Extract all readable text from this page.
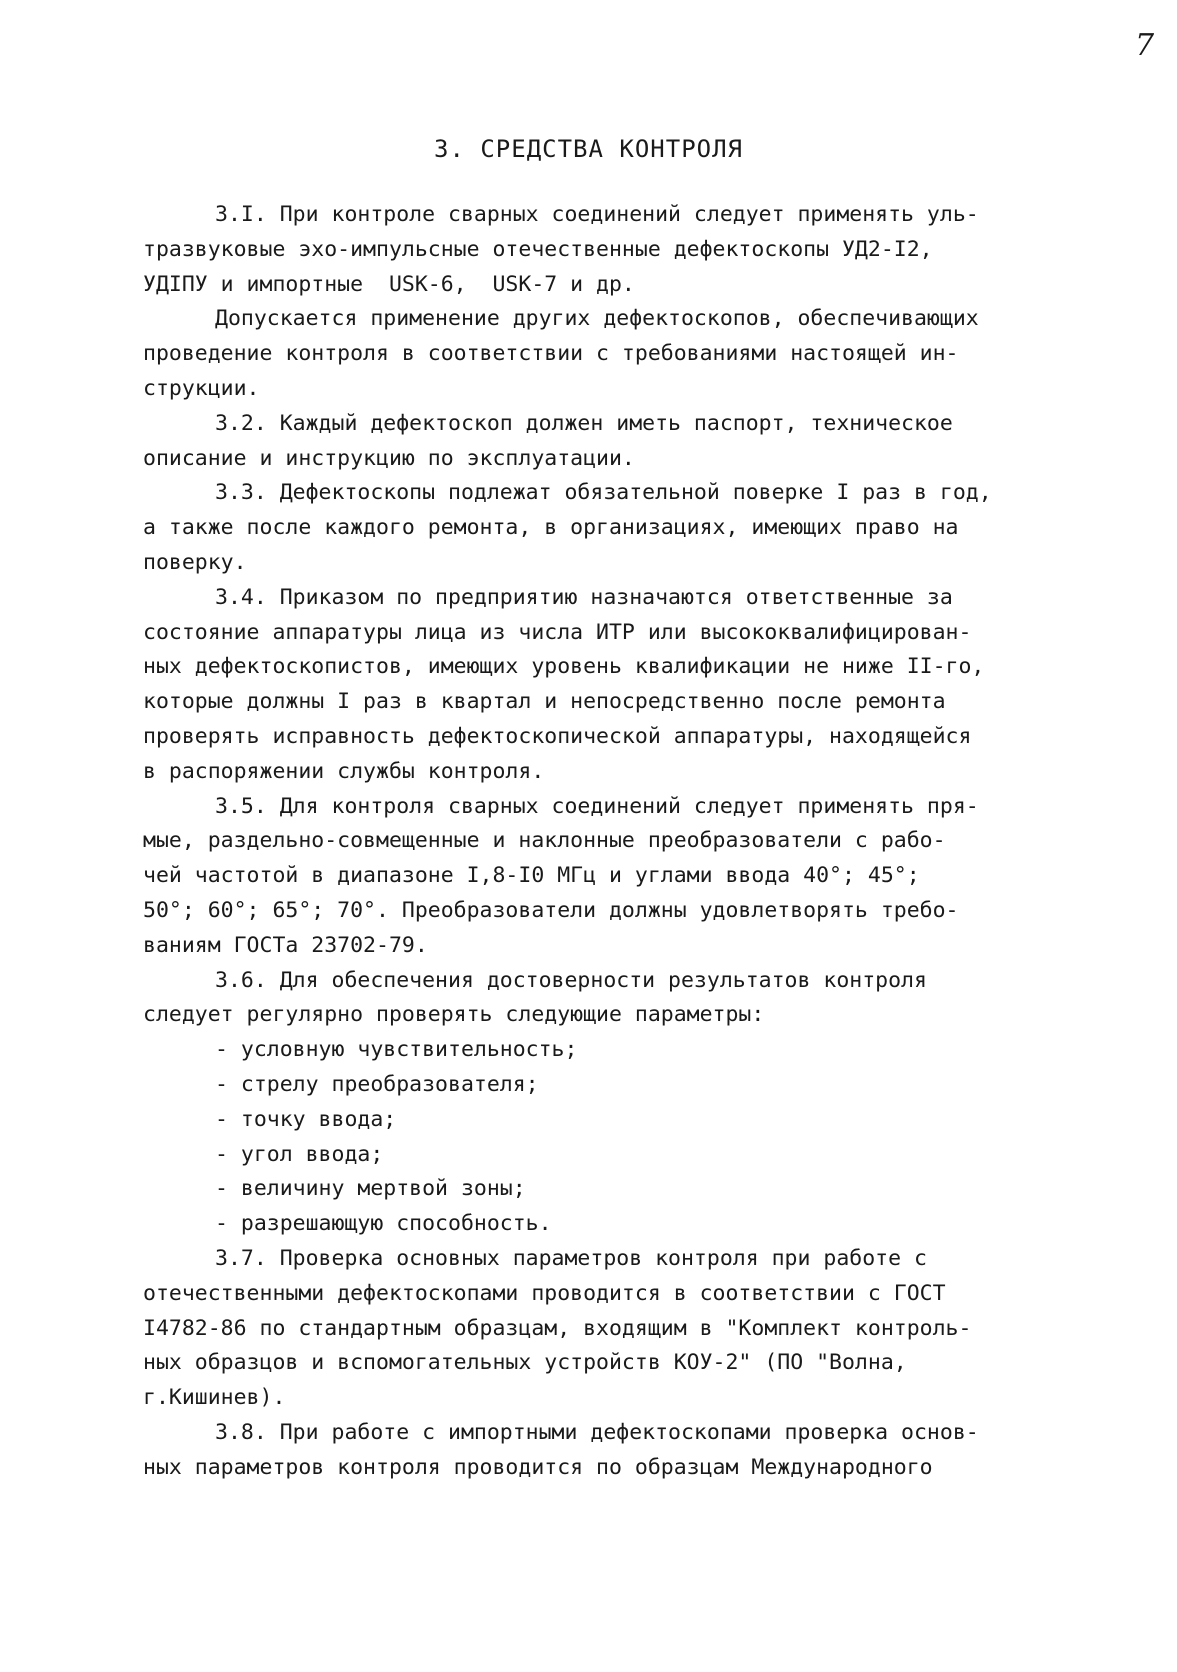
7
3. СРЕДСТВА КОНТРОЛЯ
3.I. При контроле сварных соединений следует применять уль-
тразвуковые эхо-импульсные отечественные дефектоскопы УД2-I2,
УДIПУ и импортные  USK-6,  USK-7 и др.
Допускается применение других дефектоскопов, обеспечивающих
проведение контроля в соответствии с требованиями настоящей ин-
струкции.
3.2. Каждый дефектоскоп должен иметь паспорт, техническое
описание и инструкцию по эксплуатации.
3.3. Дефектоскопы подлежат обязательной поверке I раз в год,
а также после каждого ремонта, в организациях, имеющих право на
поверку.
3.4. Приказом по предприятию назначаются ответственные за
состояние аппаратуры лица из числа ИТР или высококвалифицирован-
ных дефектоскопистов, имеющих уровень квалификации не ниже II-го,
которые должны I раз в квартал и непосредственно после ремонта
проверять исправность дефектоскопической аппаратуры, находящейся
в распоряжении службы контроля.
3.5. Для контроля сварных соединений следует применять пря-
мые, раздельно-совмещенные и наклонные преобразователи с рабо-
чей частотой в диапазоне I,8-I0 МГц и углами ввода 40°; 45°;
50°; 60°; 65°; 70°. Преобразователи должны удовлетворять требо-
ваниям ГОСТа 23702-79.
3.6. Для обеспечения достоверности результатов контроля
следует регулярно проверять следующие параметры:
- условную чувствительность;
- стрелу преобразователя;
- точку ввода;
- угол ввода;
- величину мертвой зоны;
- разрешающую способность.
3.7. Проверка основных параметров контроля при работе с
отечественными дефектоскопами проводится в соответствии с ГОСТ
I4782-86 по стандартным образцам, входящим в "Комплект контроль-
ных образцов и вспомогательных устройств КОУ-2" (ПО "Волна,
г.Кишинев).
3.8. При работе с импортными дефектоскопами проверка основ-
ных параметров контроля проводится по образцам Международного
